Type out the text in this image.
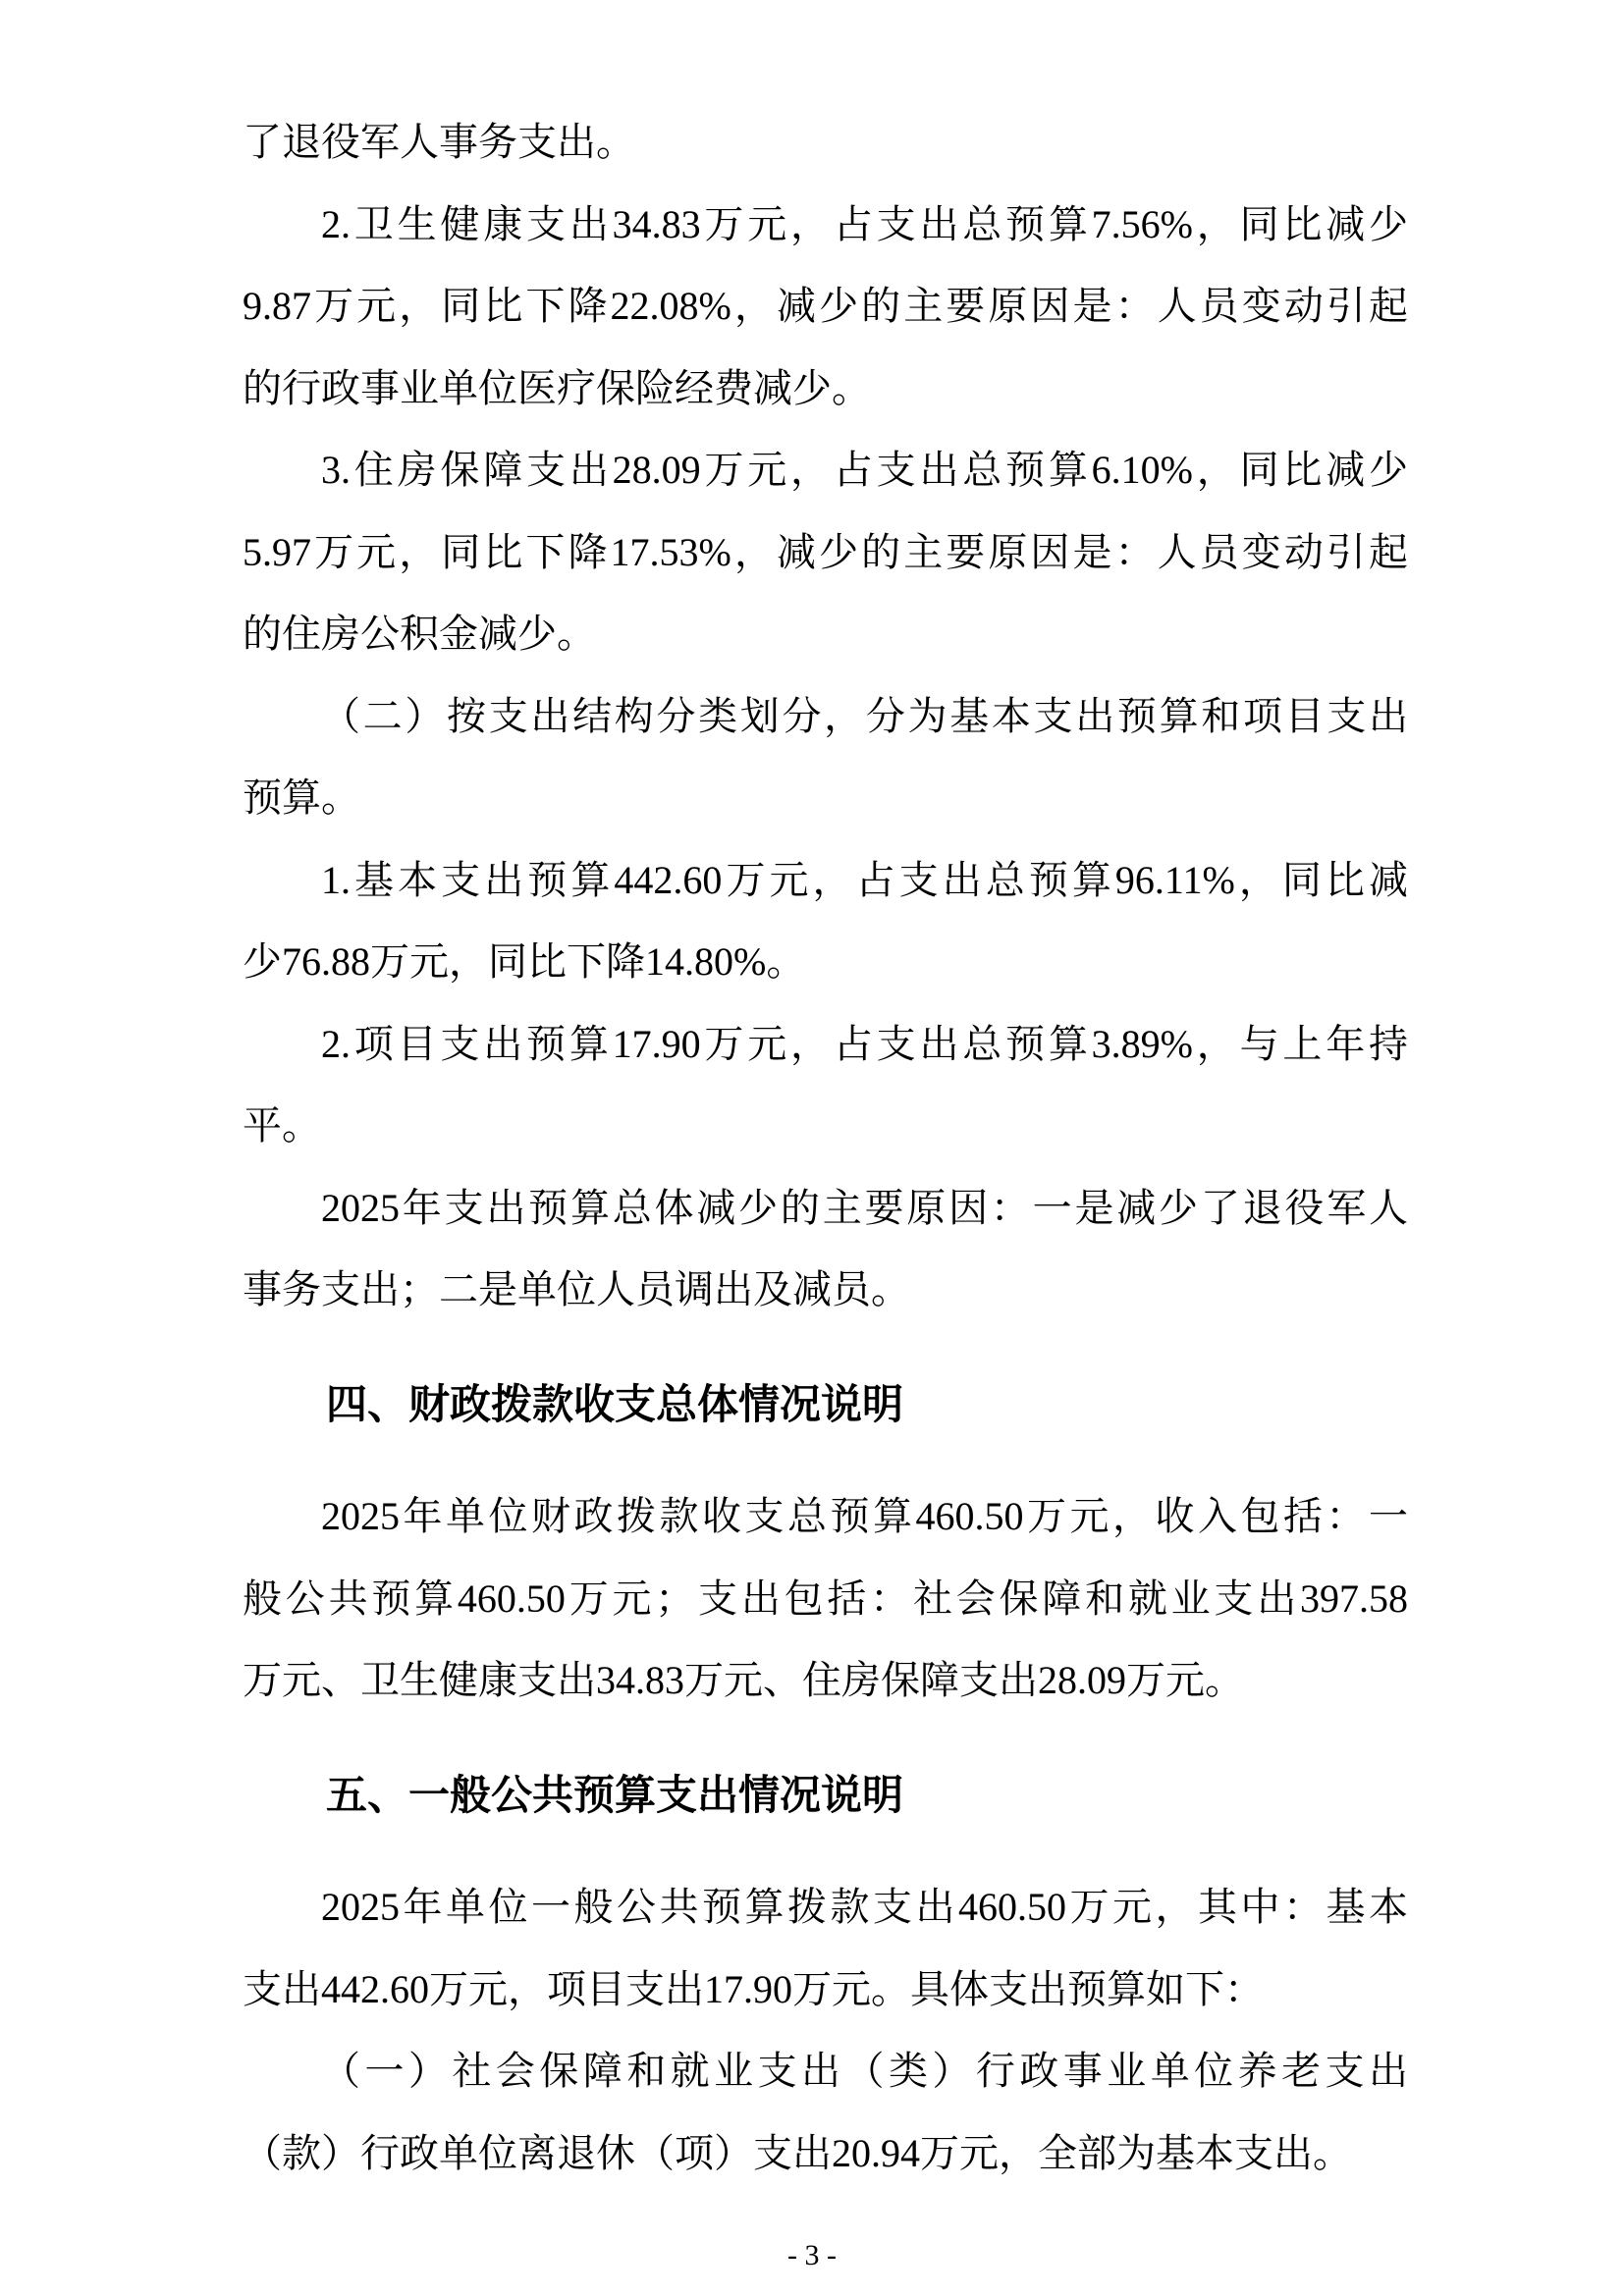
了退役军人事务支出。
2.卫生健康支出34.83万元，占支出总预算7.56%，同比减少
9.87万元，同比下降22.08%，减少的主要原因是：人员变动引起
的行政事业单位医疗保险经费减少。
3.住房保障支出28.09万元，占支出总预算6.10%，同比减少
5.97万元，同比下降17.53%，减少的主要原因是：人员变动引起
的住房公积金减少。
（二）按支出结构分类划分，分为基本支出预算和项目支出
预算。
1.基本支出预算442.60万元，占支出总预算96.11%，同比减
少76.88万元，同比下降14.80%。
2.项目支出预算17.90万元，占支出总预算3.89%，与上年持
平。
2025年支出预算总体减少的主要原因：一是减少了退役军人
事务支出；二是单位人员调出及减员。
四、财政拨款收支总体情况说明
2025年单位财政拨款收支总预算460.50万元，收入包括：一
般公共预算460.50万元；支出包括：社会保障和就业支出397.58
万元、卫生健康支出34.83万元、住房保障支出28.09万元。
五、一般公共预算支出情况说明
2025年单位一般公共预算拨款支出460.50万元，其中：基本
支出442.60万元，项目支出17.90万元。具体支出预算如下：
（一）社会保障和就业支出（类）行政事业单位养老支出
（款）行政单位离退休（项）支出20.94万元，全部为基本支出。
- 3 -
